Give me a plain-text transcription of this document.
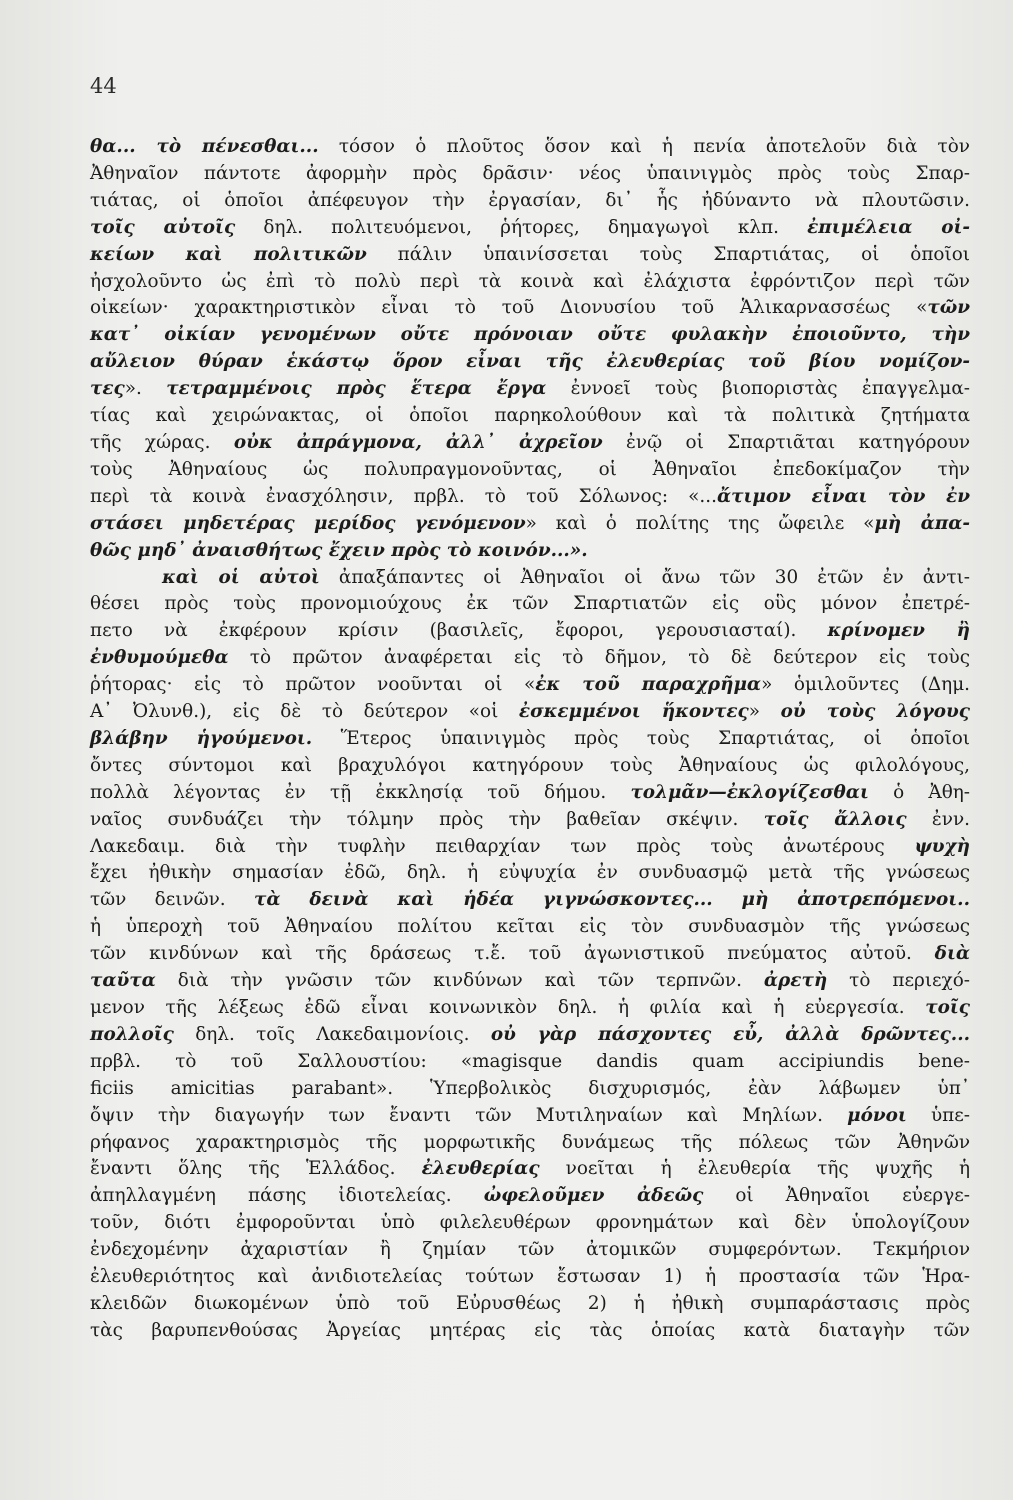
44

θα... τὸ πένεσθαι... τόσον ὁ πλοῦτος ὅσον καὶ ἡ πενία ἀποτελοῦν διὰ τὸν

Ἀθηναῖον πάντοτε ἀφορμὴν πρὸς δρᾶσιν· νέος ὑπαινιγμὸς πρὸς τοὺς Σπαρ-

τιάτας, οἱ ὁποῖοι ἀπέφευγον τὴν ἐργασίαν, δι᾽ ἧς ἠδύναντο νὰ πλουτῶσιν.

τοῖς αὐτοῖς δηλ. πολιτευόμενοι, ῥήτορες, δημαγωγοὶ κλπ. ἐπιμέλεια οἰ-

κείων καὶ πολιτικῶν πάλιν ὑπαινίσσεται τοὺς Σπαρτιάτας, οἱ ὁποῖοι

ἠσχολοῦντο ὡς ἐπὶ τὸ πολὺ περὶ τὰ κοινὰ καὶ ἐλάχιστα ἐφρόντιζον περὶ τῶν

οἰκείων· χαρακτηριστικὸν εἶναι τὸ τοῦ Διονυσίου τοῦ Ἁλικαρνασσέως «τῶν

κατ᾽ οἰκίαν γενομένων οὔτε πρόνοιαν οὔτε φυλακὴν ἐποιοῦντο, τὴν

αὔλειον θύραν ἑκάστῳ ὅρον εἶναι τῆς ἐλευθερίας τοῦ βίου νομίζον-

τες». τετραμμένοις πρὸς ἕτερα ἔργα ἐννοεῖ τοὺς βιοποριστὰς ἐπαγγελμα-

τίας καὶ χειρώνακτας, οἱ ὁποῖοι παρηκολούθουν καὶ τὰ πολιτικὰ ζητήματα

τῆς χώρας. οὐκ ἀπράγμονα, ἀλλ᾽ ἀχρεῖον ἐνῷ οἱ Σπαρτιᾶται κατηγόρουν

τοὺς Ἀθηναίους ὡς πολυπραγμονοῦντας, οἱ Ἀθηναῖοι ἐπεδοκίμαζον τὴν

περὶ τὰ κοινὰ ἐνασχόλησιν, πρβλ. τὸ τοῦ Σόλωνος: «...ἄτιμον εἶναι τὸν ἐν

στάσει μηδετέρας μερίδος γενόμενον» καὶ ὁ πολίτης της ὤφειλε «μὴ ἀπα-

θῶς μηδ᾽ ἀναισθήτως ἔχειν πρὸς τὸ κοινόν...».

καὶ οἱ αὐτοὶ ἀπαξάπαντες οἱ Ἀθηναῖοι οἱ ἄνω τῶν 30 ἐτῶν ἐν ἀντι-

θέσει πρὸς τοὺς προνομιούχους ἐκ τῶν Σπαρτιατῶν εἰς οὓς μόνον ἐπετρέ-

πετο νὰ ἐκφέρουν κρίσιν (βασιλεῖς, ἔφοροι, γερουσιασταί). κρίνομεν ἢ

ἐνθυμούμεθα τὸ πρῶτον ἀναφέρεται εἰς τὸ δῆμον, τὸ δὲ δεύτερον εἰς τοὺς

ῥήτορας· εἰς τὸ πρῶτον νοοῦνται οἱ «ἐκ τοῦ παραχρῆμα» ὁμιλοῦντες (Δημ.

Α᾽ Ὀλυνθ.), εἰς δὲ τὸ δεύτερον «οἱ ἐσκεμμένοι ἥκοντες» οὐ τοὺς λόγους

βλάβην ἡγούμενοι. Ἕτερος ὑπαινιγμὸς πρὸς τοὺς Σπαρτιάτας, οἱ ὁποῖοι

ὄντες σύντομοι καὶ βραχυλόγοι κατηγόρουν τοὺς Ἀθηναίους ὡς φιλολόγους,

πολλὰ λέγοντας ἐν τῇ ἐκκλησίᾳ τοῦ δήμου. τολμᾶν—ἐκλογίζεσθαι ὁ Ἀθη-

ναῖος συνδυάζει τὴν τόλμην πρὸς τὴν βαθεῖαν σκέψιν. τοῖς ἄλλοις ἐνν.

Λακεδαιμ. διὰ τὴν τυφλὴν πειθαρχίαν των πρὸς τοὺς ἀνωτέρους ψυχὴ

ἔχει ἠθικὴν σημασίαν ἐδῶ, δηλ. ἡ εὐψυχία ἐν συνδυασμῷ μετὰ τῆς γνώσεως

τῶν δεινῶν. τὰ δεινὰ καὶ ἡδέα γιγνώσκοντες... μὴ ἀποτρεπόμενοι..

ἡ ὑπεροχὴ τοῦ Ἀθηναίου πολίτου κεῖται εἰς τὸν συνδυασμὸν τῆς γνώσεως

τῶν κινδύνων καὶ τῆς δράσεως τ.ἔ. τοῦ ἀγωνιστικοῦ πνεύματος αὐτοῦ. διὰ

ταῦτα διὰ τὴν γνῶσιν τῶν κινδύνων καὶ τῶν τερπνῶν. ἀρετὴ τὸ περιεχό-

μενον τῆς λέξεως ἐδῶ εἶναι κοινωνικὸν δηλ. ἡ φιλία καὶ ἡ εὐεργεσία. τοῖς

πολλοῖς δηλ. τοῖς Λακεδαιμονίοις. οὐ γὰρ πάσχοντες εὖ, ἀλλὰ δρῶντες...

πρβλ. τὸ τοῦ Σαλλουστίου: «magisque dandis quam accipiundis bene-

ficiis amicitias parabant». Ὑπερβολικὸς δισχυρισμός, ἐὰν λάβωμεν ὑπ᾽

ὄψιν τὴν διαγωγήν των ἔναντι τῶν Μυτιληναίων καὶ Μηλίων. μόνοι ὑπε-

ρήφανος χαρακτηρισμὸς τῆς μορφωτικῆς δυνάμεως τῆς πόλεως τῶν Ἀθηνῶν

ἔναντι ὅλης τῆς Ἑλλάδος. ἐλευθερίας νοεῖται ἡ ἐλευθερία τῆς ψυχῆς ἡ

ἀπηλλαγμένη πάσης ἰδιοτελείας. ὠφελοῦμεν ἀδεῶς οἱ Ἀθηναῖοι εὐεργε-

τοῦν, διότι ἐμφοροῦνται ὑπὸ φιλελευθέρων φρονημάτων καὶ δὲν ὑπολογίζουν

ἐνδεχομένην ἀχαριστίαν ἢ ζημίαν τῶν ἀτομικῶν συμφερόντων. Τεκμήριον

ἐλευθεριότητος καὶ ἀνιδιοτελείας τούτων ἔστωσαν 1) ἡ προστασία τῶν Ἡρα-

κλειδῶν διωκομένων ὑπὸ τοῦ Εὐρυσθέως 2) ἡ ἠθικὴ συμπαράστασις πρὸς

τὰς βαρυπενθούσας Ἀργείας μητέρας εἰς τὰς ὁποίας κατὰ διαταγὴν τῶν
